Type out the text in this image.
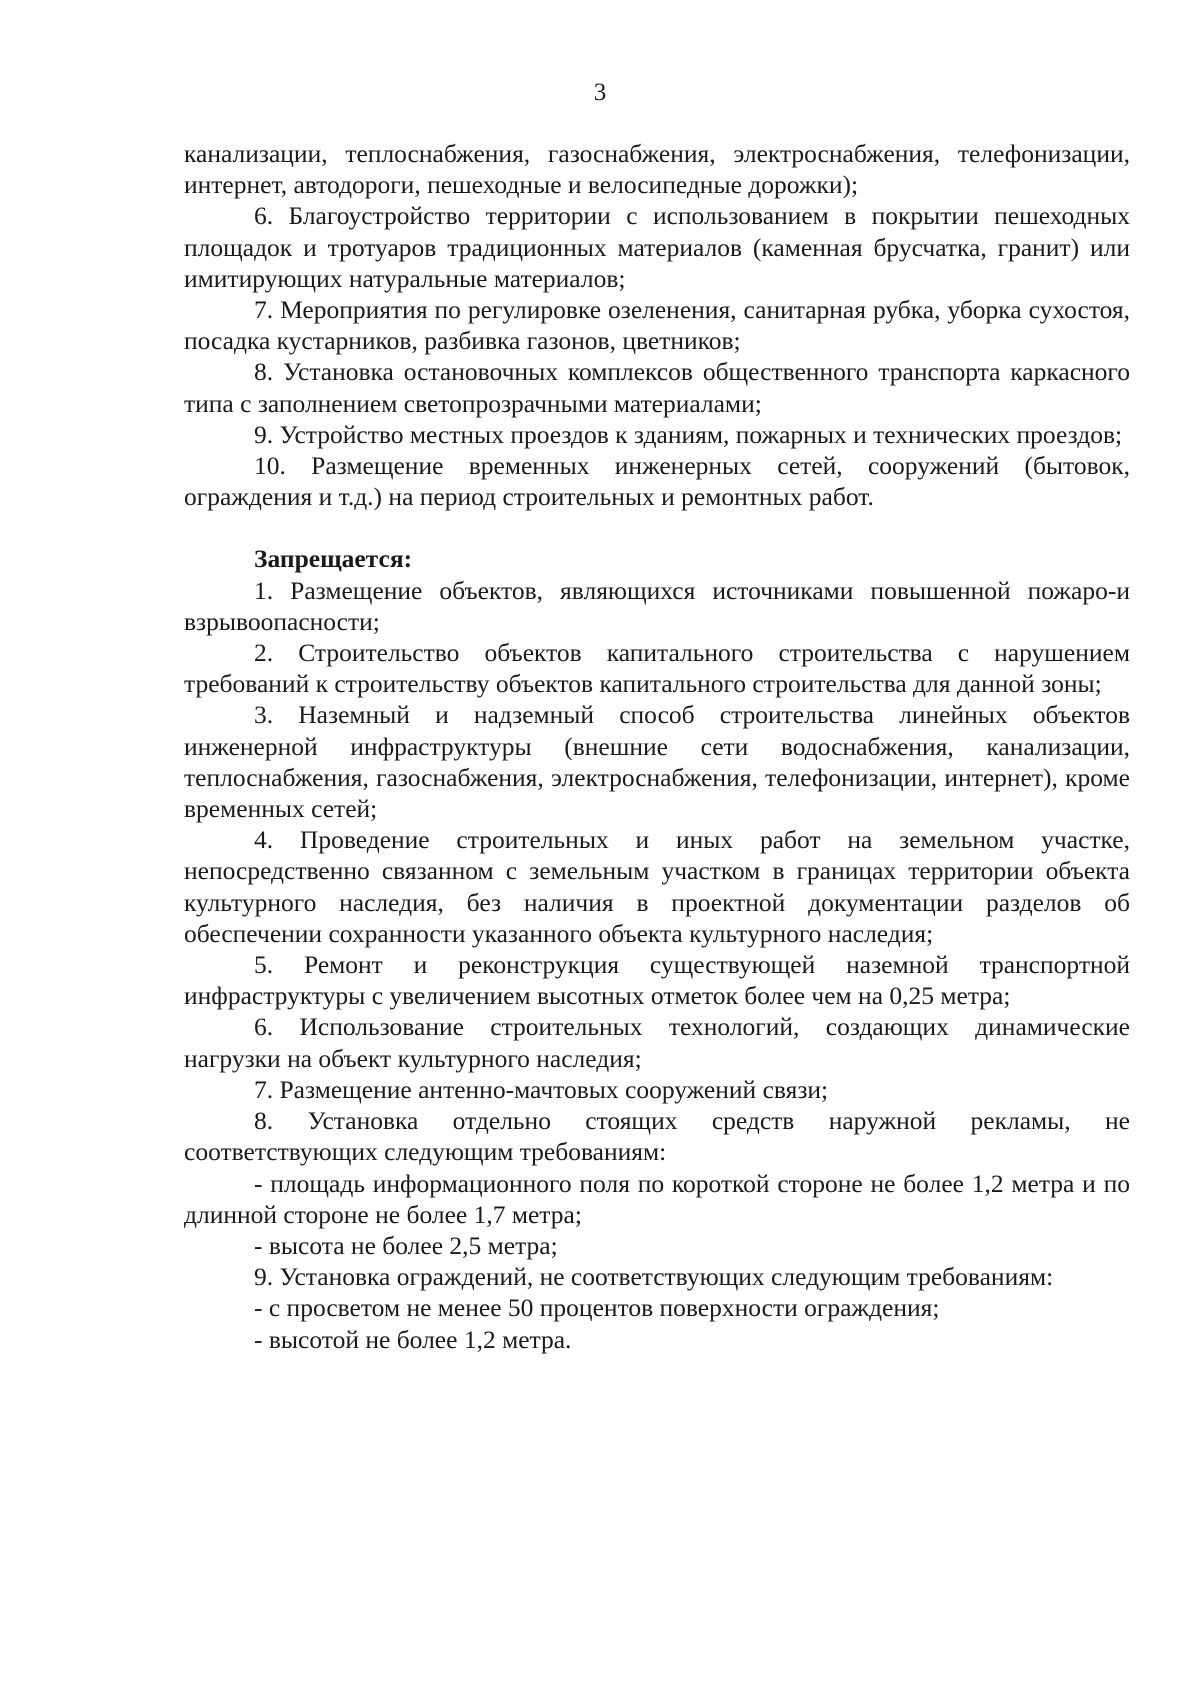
3

канализации, теплоснабжения, газоснабжения, электроснабжения, телефонизации, интернет, автодороги, пешеходные и велосипедные дорожки);

6. Благоустройство территории с использованием в покрытии пешеходных площадок и тротуаров традиционных материалов (каменная брусчатка, гранит) или имитирующих натуральные материалов;

7. Мероприятия по регулировке озеленения, санитарная рубка, уборка сухостоя, посадка кустарников, разбивка газонов, цветников;

8. Установка остановочных комплексов общественного транспорта каркасного типа с заполнением светопрозрачными материалами;

9. Устройство местных проездов к зданиям, пожарных и технических проездов;

10. Размещение временных инженерных сетей, сооружений (бытовок, ограждения и т.д.) на период строительных и ремонтных работ.

Запрещается:

1. Размещение объектов, являющихся источниками повышенной пожаро-и взрывоопасности;

2. Строительство объектов капитального строительства с нарушением требований к строительству объектов капитального строительства для данной зоны;

3. Наземный и надземный способ строительства линейных объектов инженерной инфраструктуры (внешние сети водоснабжения, канализации, теплоснабжения, газоснабжения, электроснабжения, телефонизации, интернет), кроме временных сетей;

4. Проведение строительных и иных работ на земельном участке, непосредственно связанном с земельным участком в границах территории объекта культурного наследия, без наличия в проектной документации разделов об обеспечении сохранности указанного объекта культурного наследия;

5. Ремонт и реконструкция существующей наземной транспортной инфраструктуры с увеличением высотных отметок более чем на 0,25 метра;

6. Использование строительных технологий, создающих динамические нагрузки на объект культурного наследия;

7. Размещение антенно-мачтовых сооружений связи;

8. Установка отдельно стоящих средств наружной рекламы, не соответствующих следующим требованиям:

- площадь информационного поля по короткой стороне не более 1,2 метра и по длинной стороне не более 1,7 метра;

- высота не более 2,5 метра;

9. Установка ограждений, не соответствующих следующим требованиям:

- с просветом не менее 50 процентов поверхности ограждения;

- высотой не более 1,2 метра.
